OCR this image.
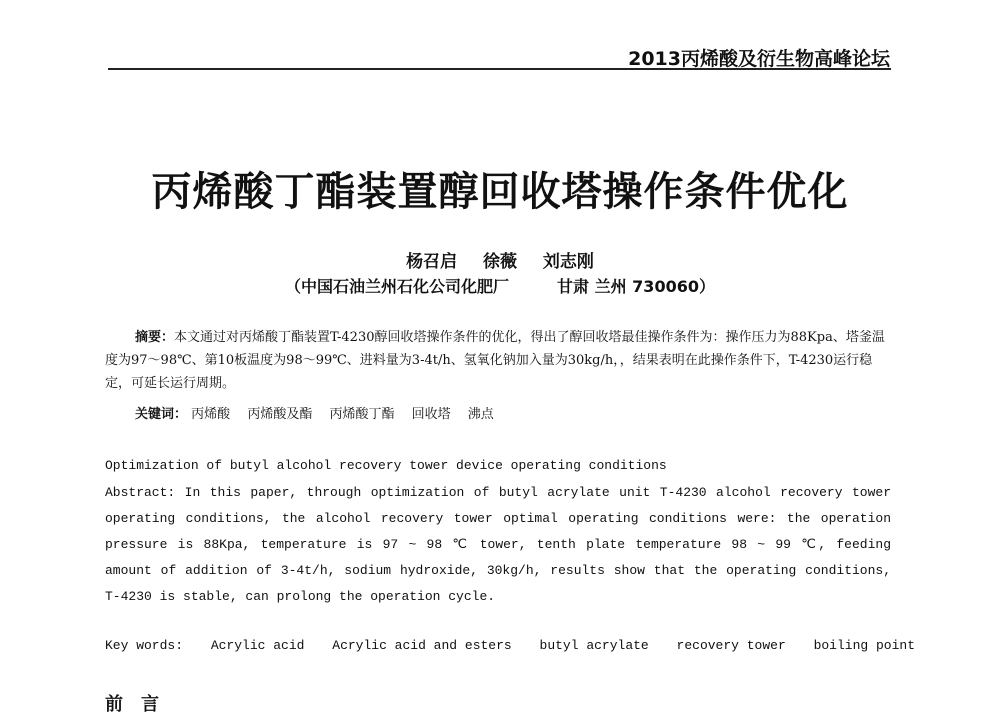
2013丙烯酸及衍生物高峰论坛
丙烯酸丁酯装置醇回收塔操作条件优化
杨召启 徐薇 刘志刚
（中国石油兰州石化公司化肥厂	甘肃 兰州 730060）
摘要：本文通过对丙烯酸丁酯装置T-4230醇回收塔操作条件的优化，得出了醇回收塔最佳操作条件为：操作压力为88Kpa、塔釜温度为97～98℃、第10板温度为98～99℃、进料量为3-4t/h、氢氧化钠加入量为30kg/h，，结果表明在此操作条件下，T-4230运行稳定，可延长运行周期。
关键词： 丙烯酸 丙烯酸及酯 丙烯酸丁酯 回收塔 沸点
Optimization of butyl alcohol recovery tower device operating conditions
Abstract: In this paper, through optimization of butyl acrylate unit T-4230 alcohol recovery tower operating conditions, the alcohol recovery tower optimal operating conditions were: the operation pressure is 88Kpa, temperature is 97 ~ 98 ℃ tower, tenth plate temperature 98 ~ 99 ℃, feeding amount of addition of 3-4t/h, sodium hydroxide, 30kg/h, results show that the operating conditions, T-4230 is stable, can prolong the operation cycle.
Key words: Acrylic acid Acrylic acid and esters butyl acrylate recovery tower boiling point
前言
